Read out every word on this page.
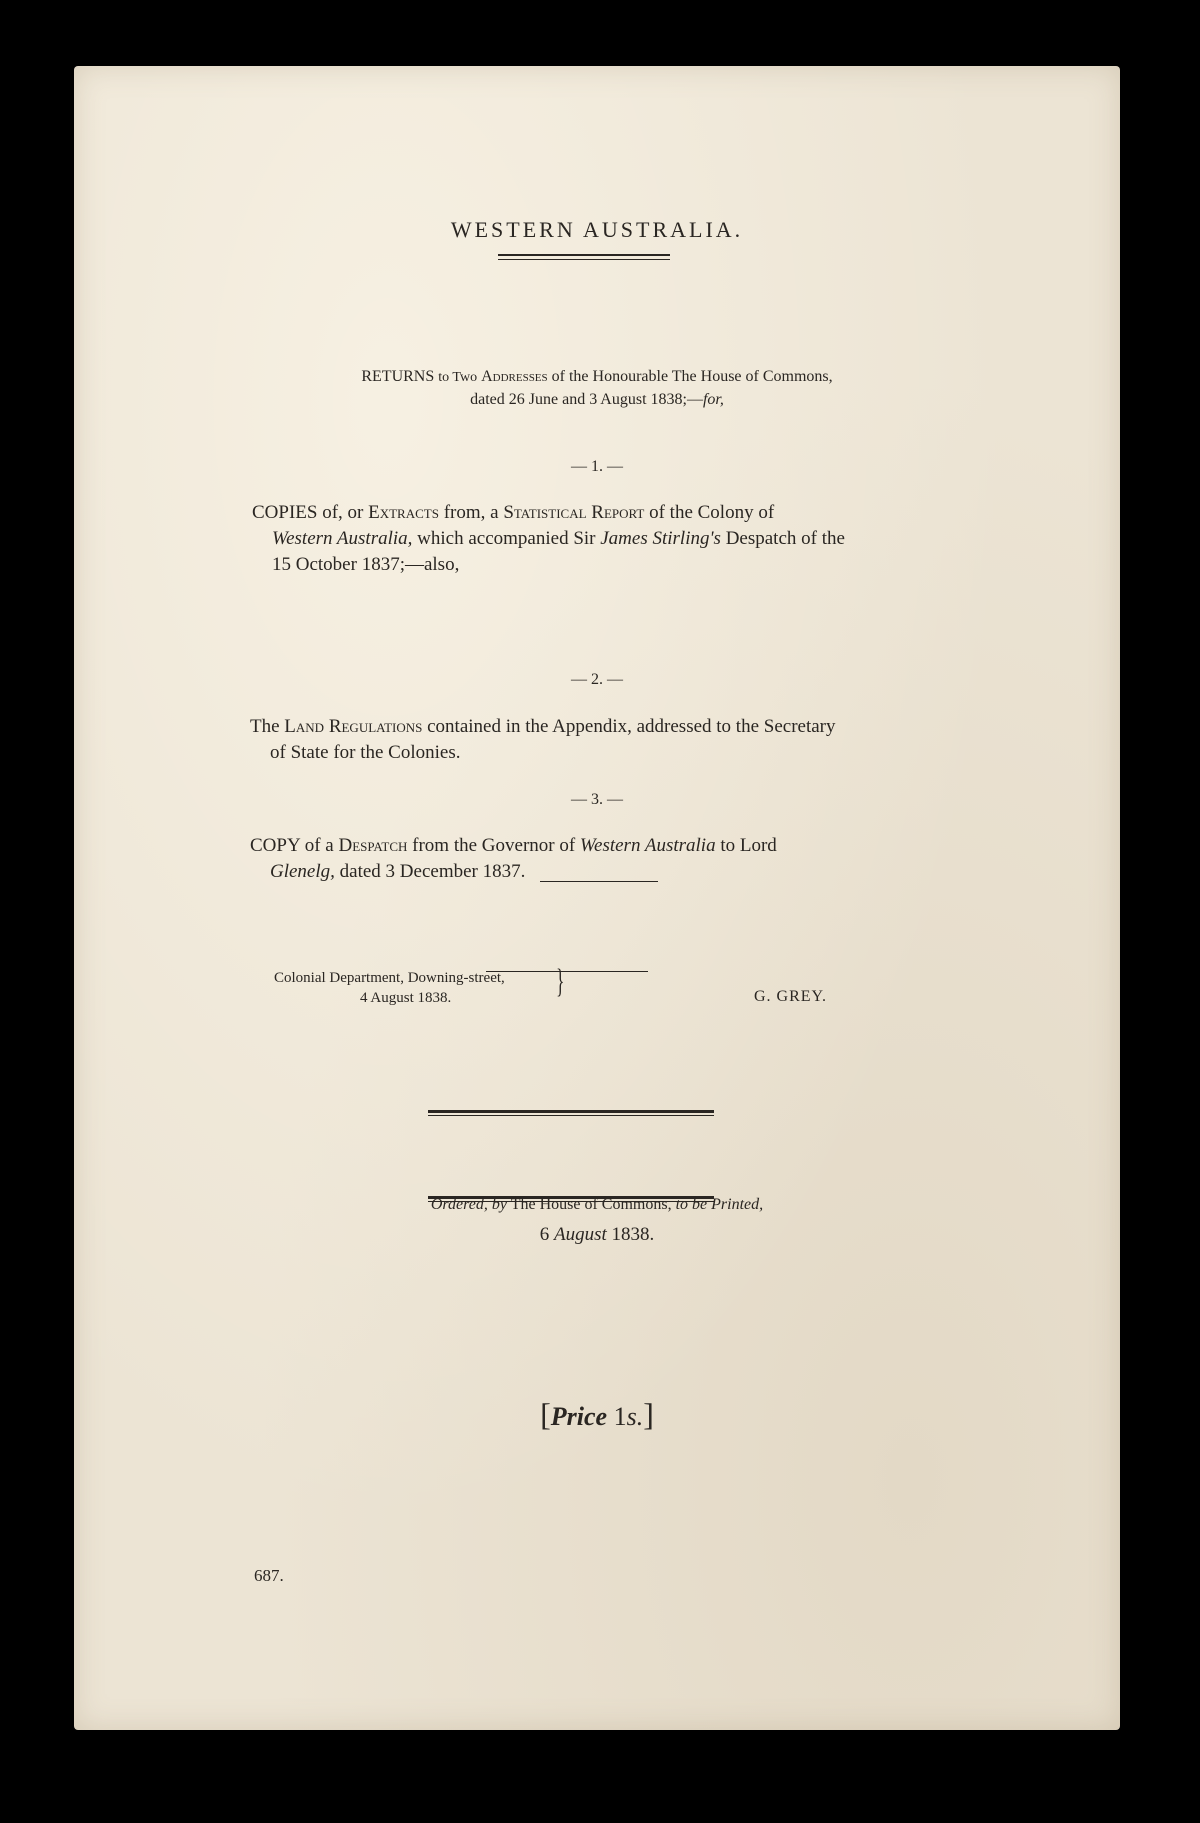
WESTERN AUSTRALIA.
RETURNS to Two Addresses of the Honourable The House of Commons,
dated 26 June and 3 August 1838;—for,
— 1. —
COPIES of, or Extracts from, a Statistical Report of the Colony of
Western Australia, which accompanied Sir James Stirling's Despatch of the
15 October 1837;—also,
— 2. —
The Land Regulations contained in the Appendix, addressed to the Secretary
of State for the Colonies.
— 3. —
COPY of a Despatch from the Governor of Western Australia to Lord
Glenelg, dated 3 December 1837.
Colonial Department, Downing-street,
4 August 1838.	}	G. GREY.
Ordered, by The House of Commons, to be Printed,
6 August 1838.
[Price 1s.]
687.
